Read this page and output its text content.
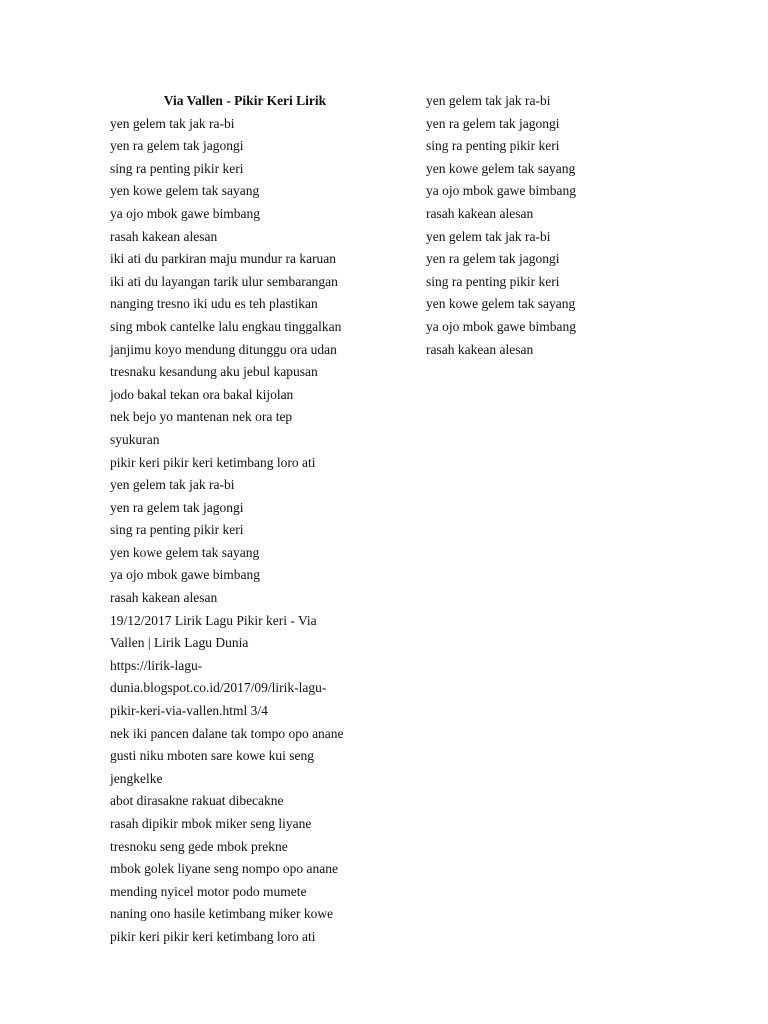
Via Vallen - Pikir Keri Lirik
yen gelem tak jak ra-bi
yen ra gelem tak jagongi
sing ra penting pikir keri
yen kowe gelem tak sayang
ya ojo mbok gawe bimbang
rasah kakean alesan
iki ati du parkiran maju mundur ra karuan
iki ati du layangan tarik ulur sembarangan
nanging tresno iki udu es teh plastikan
sing mbok cantelke lalu engkau tinggalkan
janjimu koyo mendung ditunggu ora udan
tresnaku kesandung aku jebul kapusan
jodo bakal tekan ora bakal kijolan
nek bejo yo mantenan nek ora tep
syukuran
pikir keri pikir keri ketimbang loro ati
yen gelem tak jak ra-bi
yen ra gelem tak jagongi
sing ra penting pikir keri
yen kowe gelem tak sayang
ya ojo mbok gawe bimbang
rasah kakean alesan
19/12/2017 Lirik Lagu Pikir keri - Via
Vallen | Lirik Lagu Dunia
https://lirik-lagu-
dunia.blogspot.co.id/2017/09/lirik-lagu-
pikir-keri-via-vallen.html 3/4
nek iki pancen dalane tak tompo opo anane
gusti niku mboten sare kowe kui seng
jengkelke
abot dirasakne rakuat dibecakne
rasah dipikir mbok miker seng liyane
tresnoku seng gede mbok prekne
mbok golek liyane seng nompo opo anane
mending nyicel motor podo mumete
naning ono hasile ketimbang miker kowe
pikir keri pikir keri ketimbang loro ati
yen gelem tak jak ra-bi
yen ra gelem tak jagongi
sing ra penting pikir keri
yen kowe gelem tak sayang
ya ojo mbok gawe bimbang
rasah kakean alesan
yen gelem tak jak ra-bi
yen ra gelem tak jagongi
sing ra penting pikir keri
yen kowe gelem tak sayang
ya ojo mbok gawe bimbang
rasah kakean alesan
